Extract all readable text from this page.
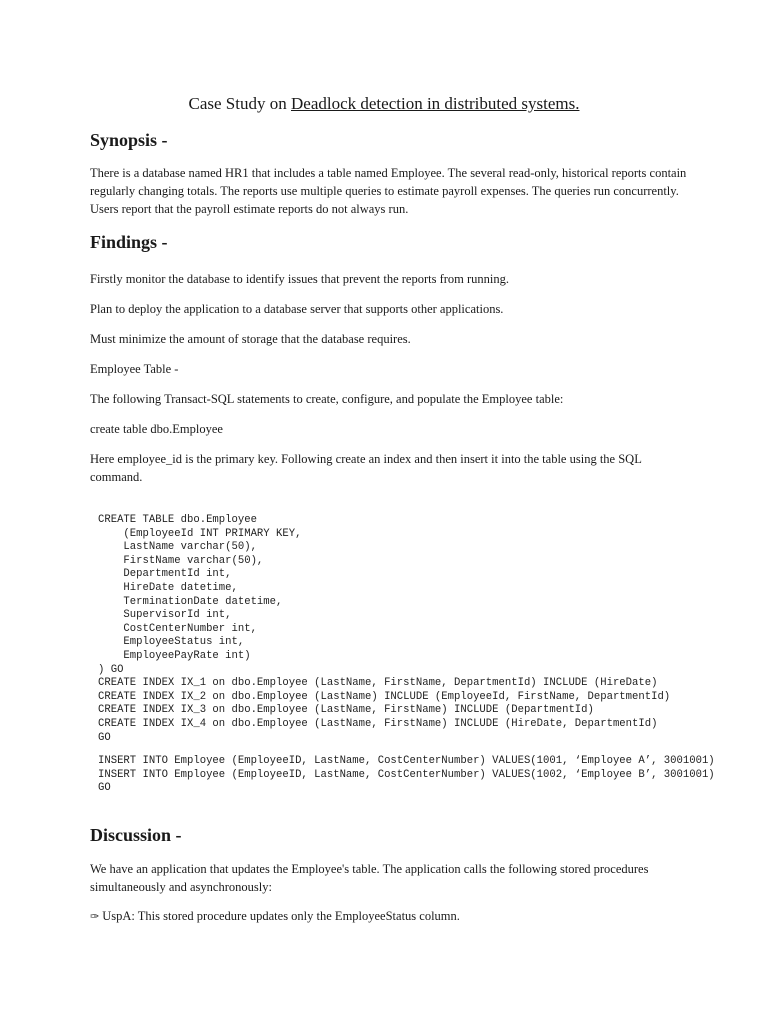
Case Study on Deadlock detection in distributed systems.
Synopsis -

There is a database named HR1 that includes a table named Employee. The several read-only, historical reports contain regularly changing totals. The reports use multiple queries to estimate payroll expenses. The queries run concurrently. Users report that the payroll estimate reports do not always run.

Findings -

Firstly monitor the database to identify issues that prevent the reports from running.

Plan to deploy the application to a database server that supports other applications.

Must minimize the amount of storage that the database requires.

Employee Table -

The following Transact-SQL statements to create, configure, and populate the Employee table:

create table dbo.Employee

Here employee_id is the primary key. Following create an index and then insert it into the table using the SQL command.

CREATE TABLE dbo.Employee
(EmployeeId INT PRIMARY KEY,
LastName varchar(50),
FirstName varchar(50),
DepartmentId int,
HireDate datetime,
TerminationDate datetime,
SupervisorId int,
CostCenterNumber int,
EmployeeStatus int,
EmployeePayRate int)
) GO
CREATE INDEX IX_1 on dbo.Employee (LastName, FirstName, DepartmentId) INCLUDE (HireDate)
CREATE INDEX IX_2 on dbo.Employee (LastName) INCLUDE (EmployeeId, FirstName, DepartmentId)
CREATE INDEX IX_3 on dbo.Employee (LastName, FirstName) INCLUDE (DepartmentId)
CREATE INDEX IX_4 on dbo.Employee (LastName, FirstName) INCLUDE (HireDate, DepartmentId)
GO
INSERT INTO Employee (EmployeeID, LastName, CostCenterNumber) VALUES(1001, ‘Employee A’, 3001001)
INSERT INTO Employee (EmployeeID, LastName, CostCenterNumber) VALUES(1002, ‘Employee B’, 3001001)
GO
Discussion -

We have an application that updates the Employee's table. The application calls the following stored procedures simultaneously and asynchronously:

✑ UspA: This stored procedure updates only the EmployeeStatus column.
